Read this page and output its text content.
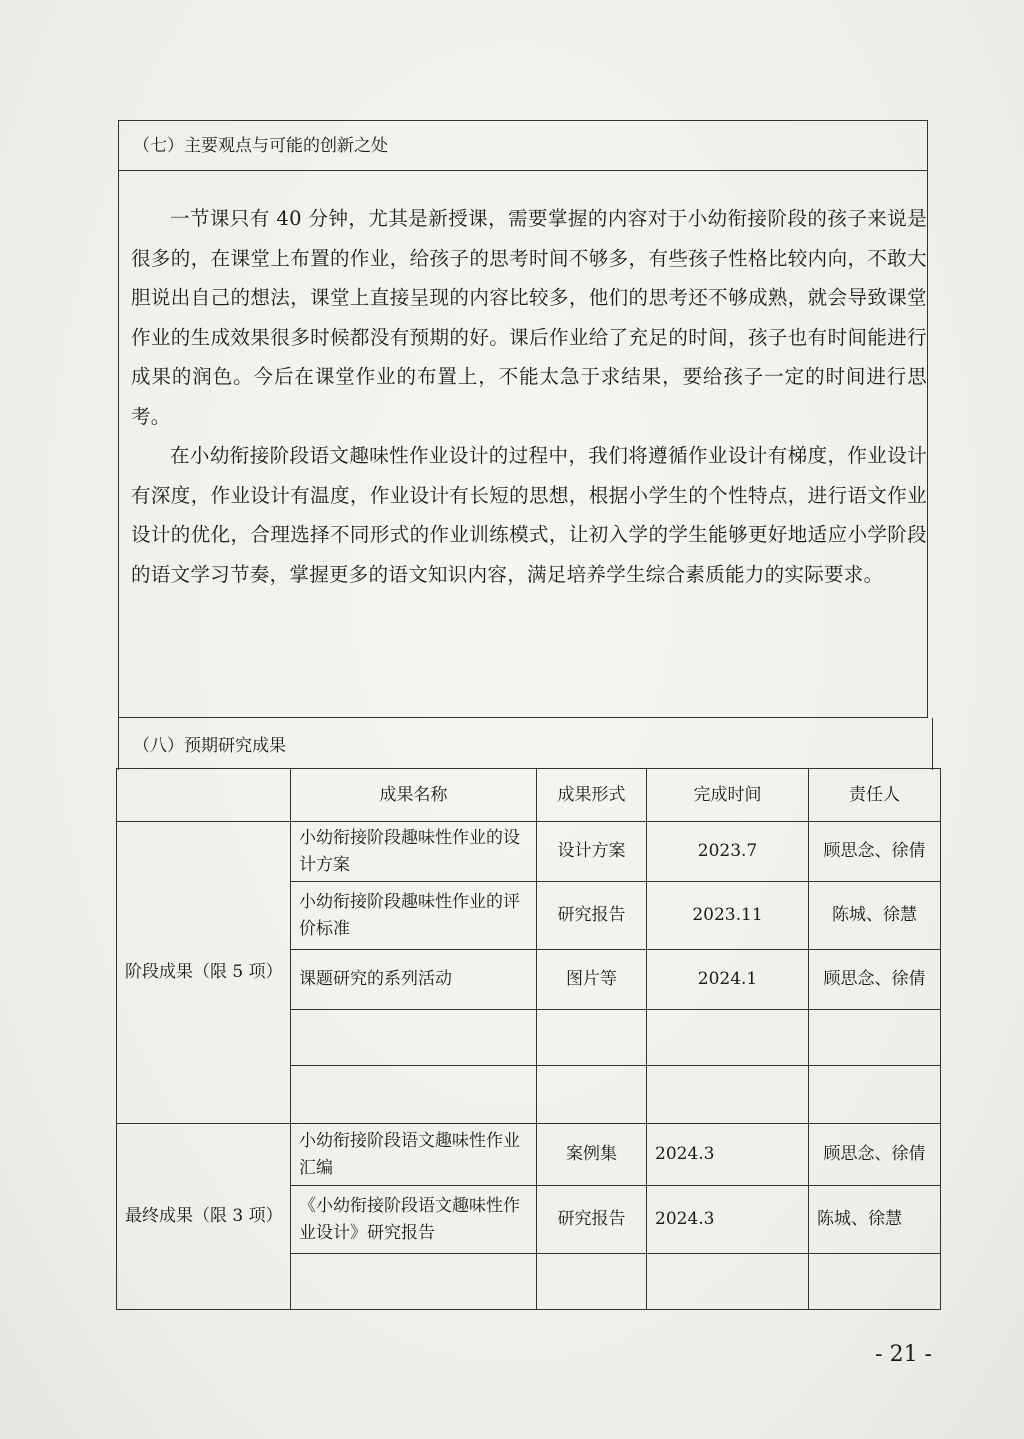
（七）主要观点与可能的创新之处

一节课只有 40 分钟，尤其是新授课，需要掌握的内容对于小幼衔接阶段的孩子来说是很多的，在课堂上布置的作业，给孩子的思考时间不够多，有些孩子性格比较内向，不敢大胆说出自己的想法，课堂上直接呈现的内容比较多，他们的思考还不够成熟，就会导致课堂作业的生成效果很多时候都没有预期的好。课后作业给了充足的时间，孩子也有时间能进行成果的润色。今后在课堂作业的布置上，不能太急于求结果，要给孩子一定的时间进行思考。

在小幼衔接阶段语文趣味性作业设计的过程中，我们将遵循作业设计有梯度，作业设计有深度，作业设计有温度，作业设计有长短的思想，根据小学生的个性特点，进行语文作业设计的优化，合理选择不同形式的作业训练模式，让初入学的学生能够更好地适应小学阶段的语文学习节奏，掌握更多的语文知识内容，满足培养学生综合素质能力的实际要求。

（八）预期研究成果
	成果名称	成果形式	完成时间	责任人
阶段成果（限 5 项）	小幼衔接阶段趣味性作业的设计方案	设计方案	2023.7	顾思念、徐倩
	小幼衔接阶段趣味性作业的评价标准	研究报告	2023.11	陈城、徐慧
	课题研究的系列活动	图片等	2024.1	顾思念、徐倩

最终成果（限 3 项）	小幼衔接阶段语文趣味性作业汇编	案例集	2024.3	顾思念、徐倩
	《小幼衔接阶段语文趣味性作业设计》研究报告	研究报告	2024.3	陈城、徐慧

- 21 -
